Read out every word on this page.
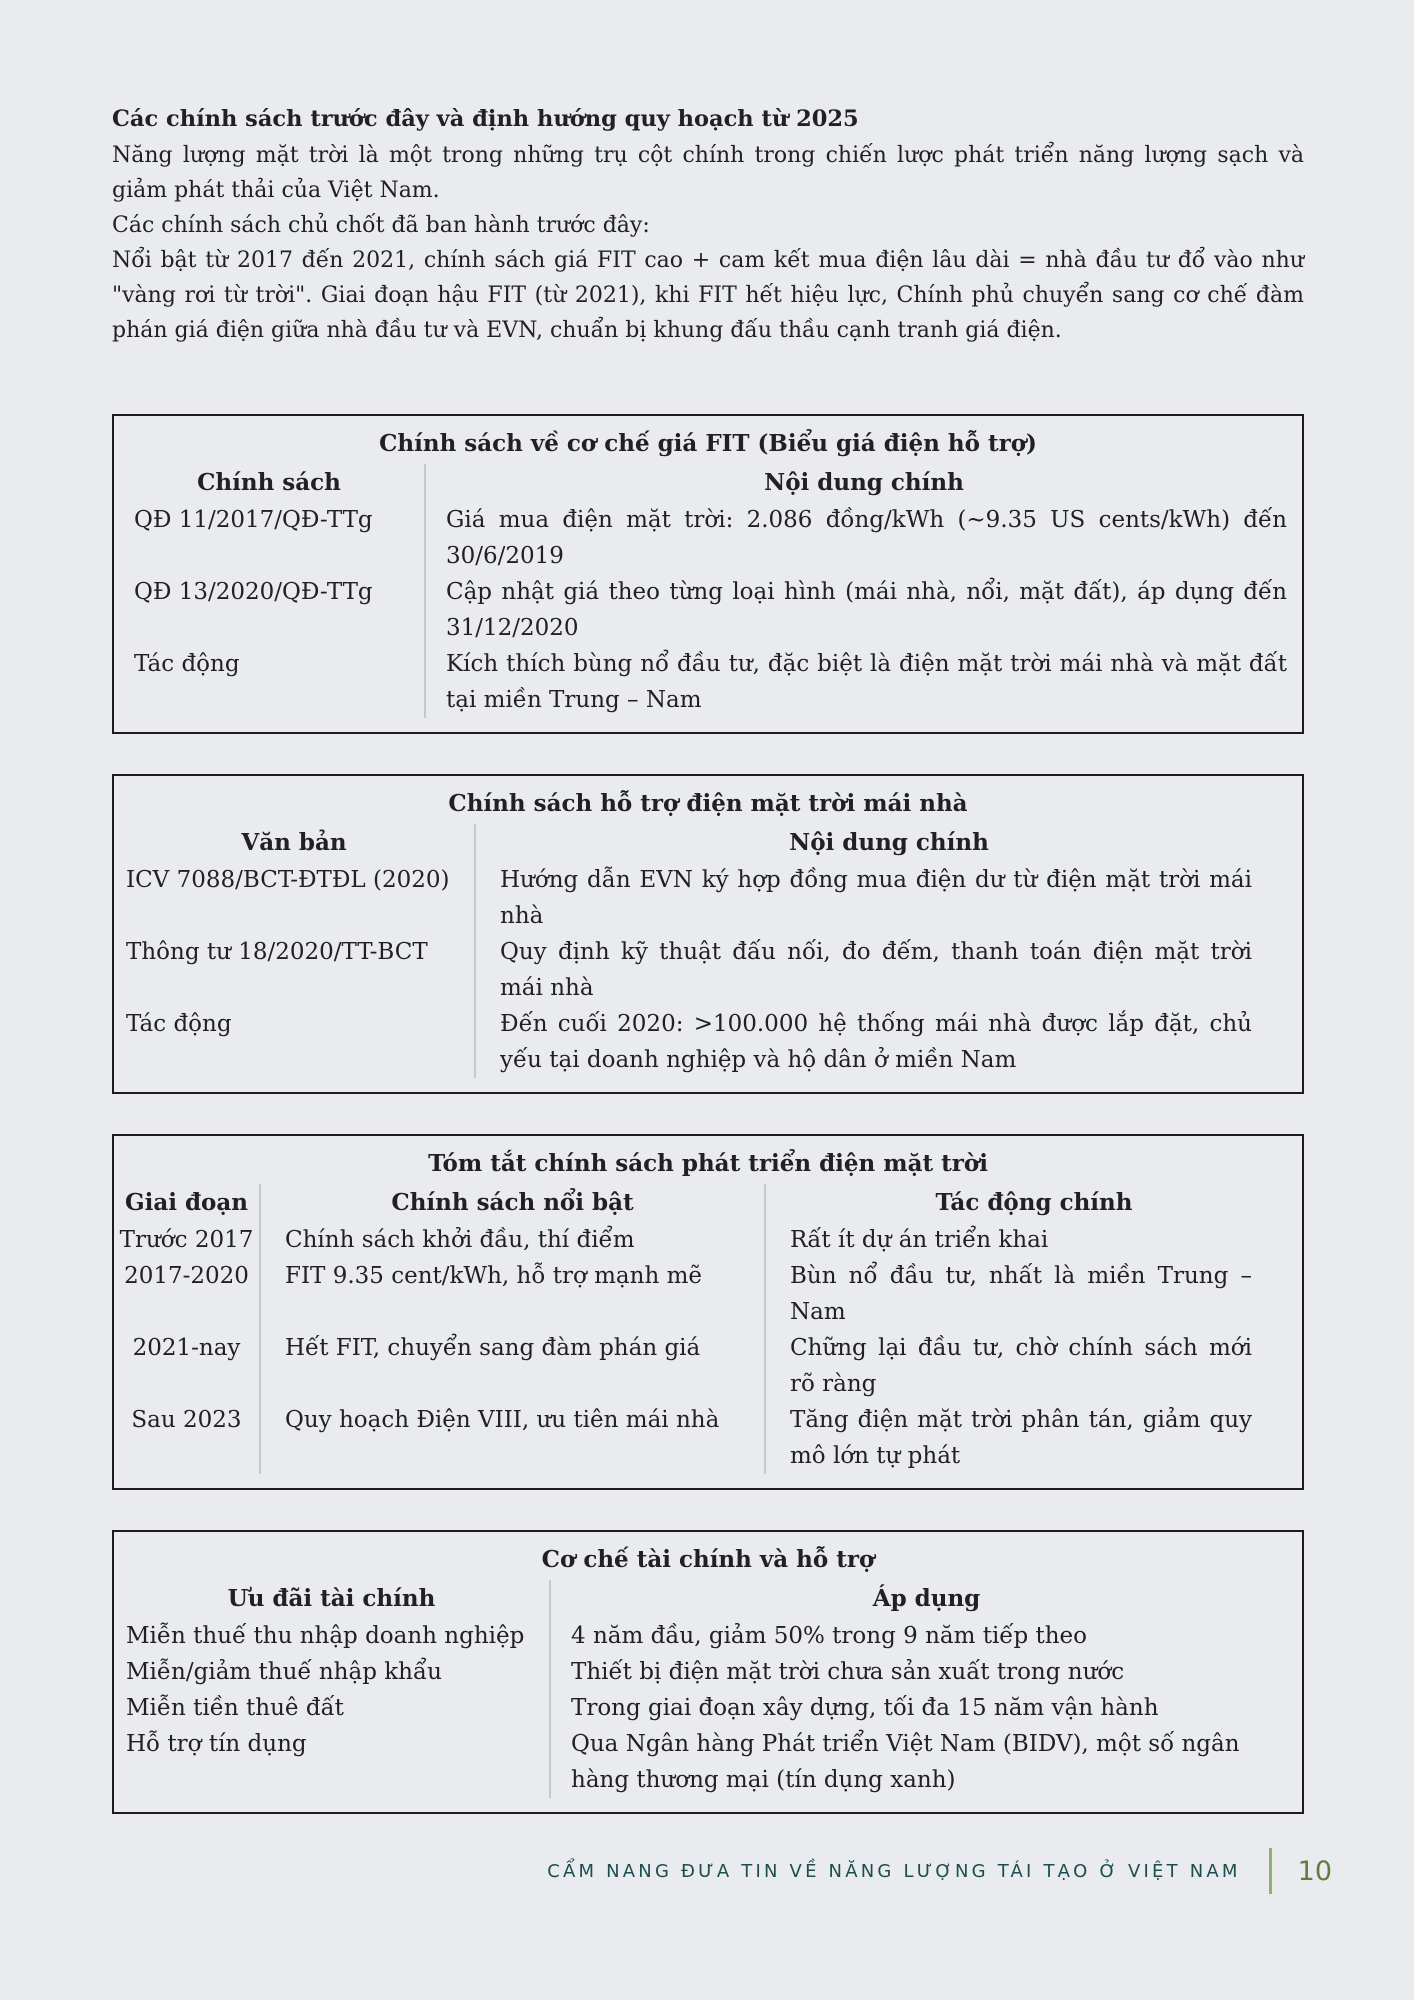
Các chính sách trước đây và định hướng quy hoạch từ 2025

Năng lượng mặt trời là một trong những trụ cột chính trong chiến lược phát triển năng lượng sạch và giảm phát thải của Việt Nam.

Các chính sách chủ chốt đã ban hành trước đây:

Nổi bật từ 2017 đến 2021, chính sách giá FIT cao + cam kết mua điện lâu dài = nhà đầu tư đổ vào như "vàng rơi từ trời". Giai đoạn hậu FIT (từ 2021), khi FIT hết hiệu lực, Chính phủ chuyển sang cơ chế đàm phán giá điện giữa nhà đầu tư và EVN, chuẩn bị khung đấu thầu cạnh tranh giá điện.

Chính sách về cơ chế giá FIT (Biểu giá điện hỗ trợ)
Chính sách	Nội dung chính
QĐ 11/2017/QĐ-TTg	Giá mua điện mặt trời: 2.086 đồng/kWh (~9.35 US cents/kWh) đến 30/6/2019
QĐ 13/2020/QĐ-TTg	Cập nhật giá theo từng loại hình (mái nhà, nổi, mặt đất), áp dụng đến 31/12/2020
Tác động	Kích thích bùng nổ đầu tư, đặc biệt là điện mặt trời mái nhà và mặt đất tại miền Trung – Nam
Chính sách hỗ trợ điện mặt trời mái nhà
Văn bản	Nội dung chính
ICV 7088/BCT-ĐTĐL (2020)	Hướng dẫn EVN ký hợp đồng mua điện dư từ điện mặt trời mái nhà
Thông tư 18/2020/TT-BCT	Quy định kỹ thuật đấu nối, đo đếm, thanh toán điện mặt trời mái nhà
Tác động	Đến cuối 2020: >100.000 hệ thống mái nhà được lắp đặt, chủ yếu tại doanh nghiệp và hộ dân ở miền Nam
Tóm tắt chính sách phát triển điện mặt trời
Giai đoạn	Chính sách nổi bật	Tác động chính
Trước 2017	Chính sách khởi đầu, thí điểm	Rất ít dự án triển khai
2017-2020	FIT 9.35 cent/kWh, hỗ trợ mạnh mẽ	Bùn nổ đầu tư, nhất là miền Trung – Nam
2021-nay	Hết FIT, chuyển sang đàm phán giá	Chững lại đầu tư, chờ chính sách mới rõ ràng
Sau 2023	Quy hoạch Điện VIII, ưu tiên mái nhà	Tăng điện mặt trời phân tán, giảm quy mô lớn tự phát
Cơ chế tài chính và hỗ trợ
Ưu đãi tài chính	Áp dụng
Miễn thuế thu nhập doanh nghiệp	4 năm đầu, giảm 50% trong 9 năm tiếp theo
Miễn/giảm thuế nhập khẩu	Thiết bị điện mặt trời chưa sản xuất trong nước
Miễn tiền thuê đất	Trong giai đoạn xây dựng, tối đa 15 năm vận hành
Hỗ trợ tín dụng	Qua Ngân hàng Phát triển Việt Nam (BIDV), một số ngân hàng thương mại (tín dụng xanh)
CẨM NANG ĐƯA TIN VỀ NĂNG LƯỢNG TÁI TẠO Ở VIỆT NAM 10
